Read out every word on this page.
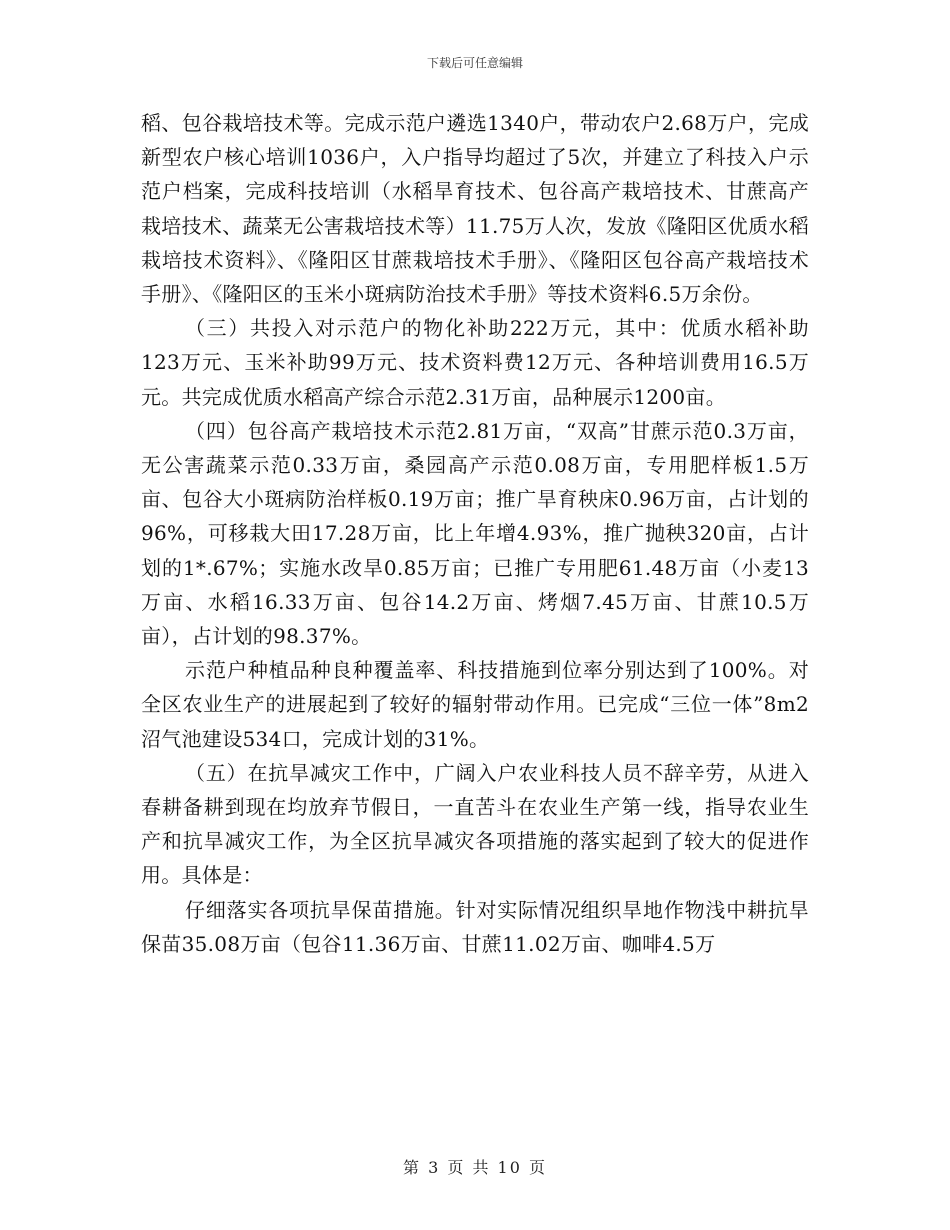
下载后可任意编辑

稻、包谷栽培技术等。完成示范户遴选1340户，带动农户2.68万户，完成新型农户核心培训1036户，入户指导均超过了5次，并建立了科技入户示范户档案，完成科技培训（水稻旱育技术、包谷高产栽培技术、甘蔗高产栽培技术、蔬菜无公害栽培技术等）11.75万人次，发放《隆阳区优质水稻栽培技术资料》、《隆阳区甘蔗栽培技术手册》、《隆阳区包谷高产栽培技术手册》、《隆阳区的玉米小斑病防治技术手册》等技术资料6.5万余份。

（三）共投入对示范户的物化补助222万元，其中：优质水稻补助123万元、玉米补助99万元、技术资料费12万元、各种培训费用16.5万元。共完成优质水稻高产综合示范2.31万亩，品种展示1200亩。

（四）包谷高产栽培技术示范2.81万亩，“双高”甘蔗示范0.3万亩，无公害蔬菜示范0.33万亩，桑园高产示范0.08万亩，专用肥样板1.5万亩、包谷大小斑病防治样板0.19万亩；推广旱育秧床0.96万亩，占计划的96%，可移栽大田17.28万亩，比上年增4.93%，推广抛秧320亩，占计划的1*.67%；实施水改旱0.85万亩；已推广专用肥61.48万亩（小麦13万亩、水稻16.33万亩、包谷14.2万亩、烤烟7.45万亩、甘蔗10.5万亩），占计划的98.37%。

示范户种植品种良种覆盖率、科技措施到位率分别达到了100%。对全区农业生产的进展起到了较好的辐射带动作用。已完成“三位一体”8m2沼气池建设534口，完成计划的31%。

（五）在抗旱减灾工作中，广阔入户农业科技人员不辞辛劳，从进入春耕备耕到现在均放弃节假日，一直苦斗在农业生产第一线，指导农业生产和抗旱减灾工作，为全区抗旱减灾各项措施的落实起到了较大的促进作用。具体是：

仔细落实各项抗旱保苗措施。针对实际情况组织旱地作物浅中耕抗旱保苗35.08万亩（包谷11.36万亩、甘蔗11.02万亩、咖啡4.5万

第 3 页 共 10 页
